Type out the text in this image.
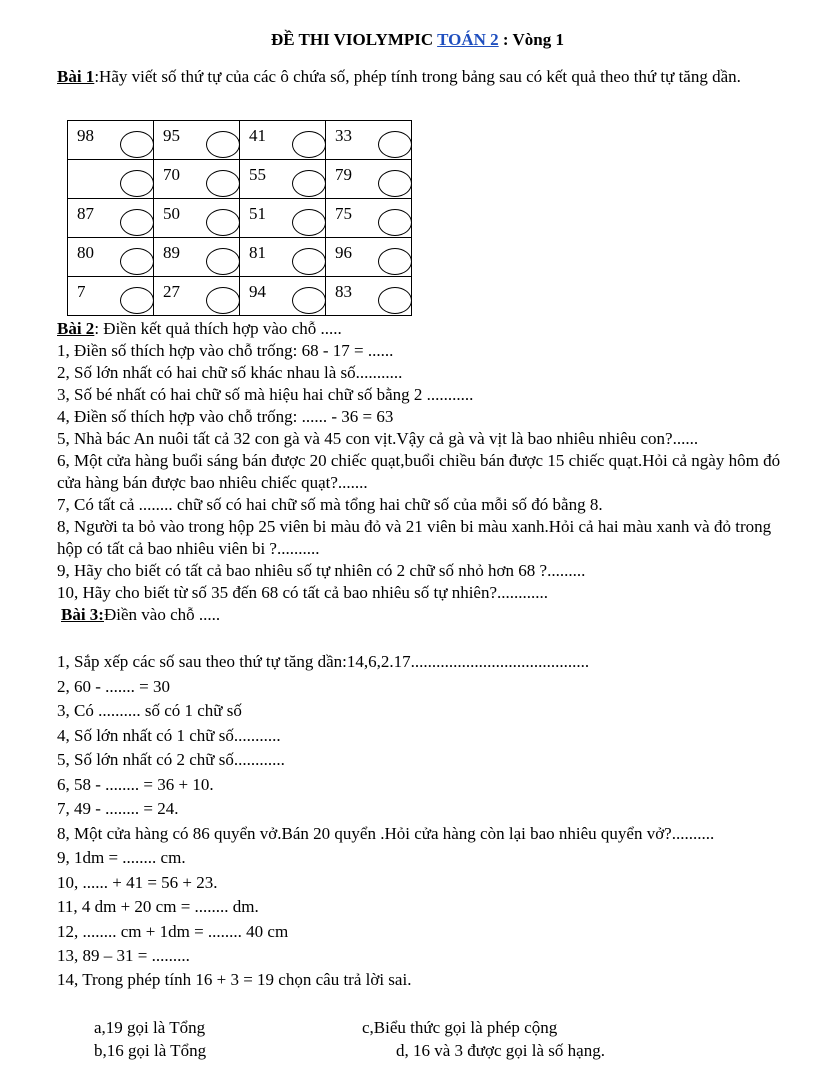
ĐỀ THI VIOLYMPIC TOÁN 2 : Vòng 1
Bài 1:Hãy viết số thứ tự của các ô chứa số, phép tính trong bảng sau có kết quả theo thứ tự tăng dần.
98	95	41	33

	70	55	79

87	50	51	75

80	89	81	96

7	27	94	83
Bài 2: Điền kết quả thích hợp vào chỗ .....
1, Điền số thích hợp vào chỗ trống: 68 - 17 = ......
2, Số lớn nhất có hai chữ số khác nhau là số...........
3, Số bé nhất có hai chữ số mà hiệu hai chữ số bằng 2 ...........
4, Điền số thích hợp vào chỗ trống: ...... - 36 = 63
5, Nhà bác An nuôi tất cả 32 con gà và 45 con vịt.Vậy cả gà và vịt là bao nhiêu nhiêu con?......
6, Một cửa hàng buổi sáng bán được 20 chiếc quạt,buổi chiều bán được 15 chiếc quạt.Hỏi cả ngày hôm đó cửa hàng bán được bao nhiêu chiếc quạt?.......
7, Có tất cả ........ chữ số có hai chữ số mà tổng hai chữ số của mỗi số đó bằng 8.
8, Người ta bỏ vào trong hộp 25 viên bi màu đỏ và 21 viên bi màu xanh.Hỏi cả hai màu xanh và đỏ trong hộp có tất cả bao nhiêu viên bi ?..........
9, Hãy cho biết có tất cả bao nhiêu số tự nhiên có 2 chữ số nhỏ hơn 68 ?.........
10, Hãy cho biết từ số 35 đến 68 có tất cả bao nhiêu số tự nhiên?............
Bài 3:Điền vào chỗ .....
1, Sắp xếp các số sau theo thứ tự tăng dần:14,6,2.17..........................................
2, 60 - ....... = 30
3, Có .......... số có 1 chữ số
4, Số lớn nhất có 1 chữ số...........
5, Số lớn nhất có 2 chữ số............
6, 58 - ........ = 36 + 10.
7, 49 - ........ = 24.
8, Một cửa hàng có 86 quyển vở.Bán 20 quyển .Hỏi cửa hàng còn lại bao nhiêu quyển vở?..........
9, 1dm = ........ cm.
10, ...... + 41 = 56 + 23.
11, 4 dm + 20 cm = ........ dm.
12, ........ cm + 1dm = ........ 40 cm
13, 89 – 31 = .........
14, Trong phép tính 16 + 3 = 19 chọn câu trả lời sai.
a,19 gọi là Tổng	c,Biểu thức gọi là phép cộng
b,16 gọi là Tổng	d, 16 và 3 được gọi là số hạng.
